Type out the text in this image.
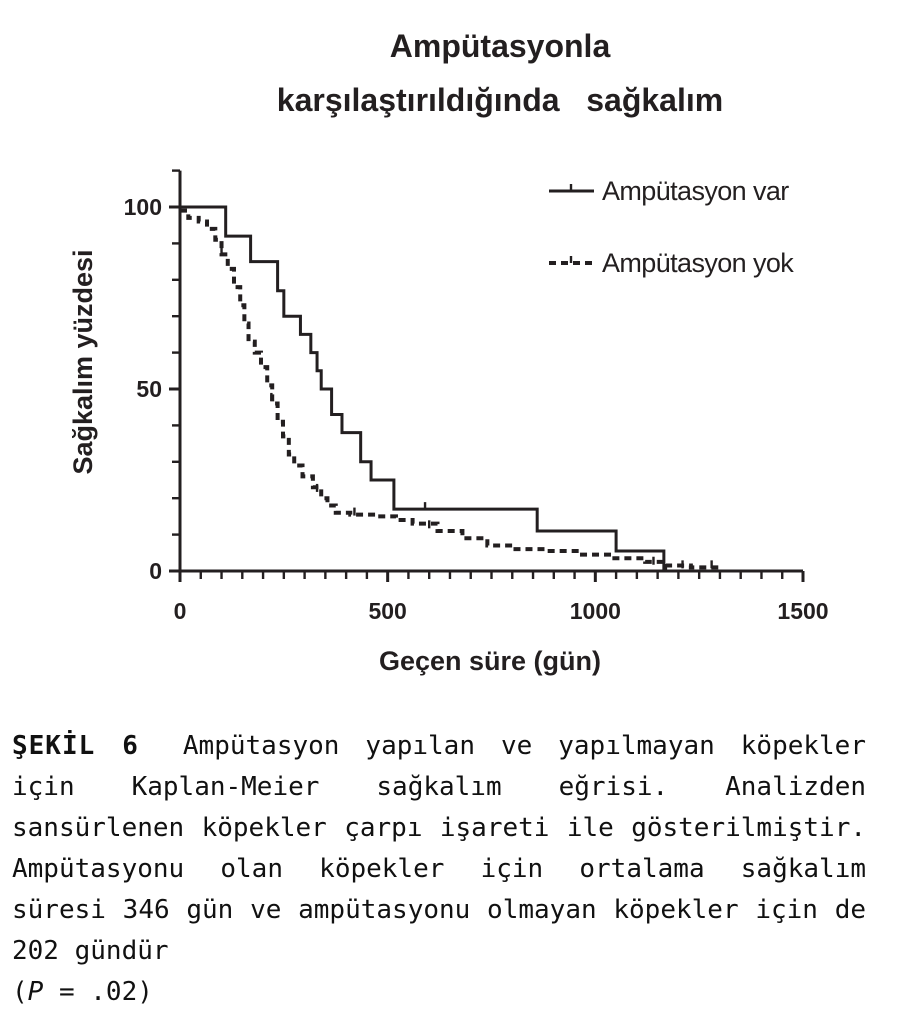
Ampütasyonla
karşılaştırıldığında   sağkalım
0	500	1000	1500
0
50
100
Ampütasyon var
Ampütasyon yok
Geçen süre (gün)
Sağkalım yüzdesi

ŞEKİL 6 Ampütasyon yapılan ve yapılmayan köpekler için Kaplan-Meier sağkalım eğrisi. Analizden sansürlenen köpekler çarpı işareti ile gösterilmiştir. Ampütasyonu olan köpekler için ortalama sağkalım süresi 346 gün ve ampütasyonu olmayan köpekler için de 202 gündür
(P = .02)
